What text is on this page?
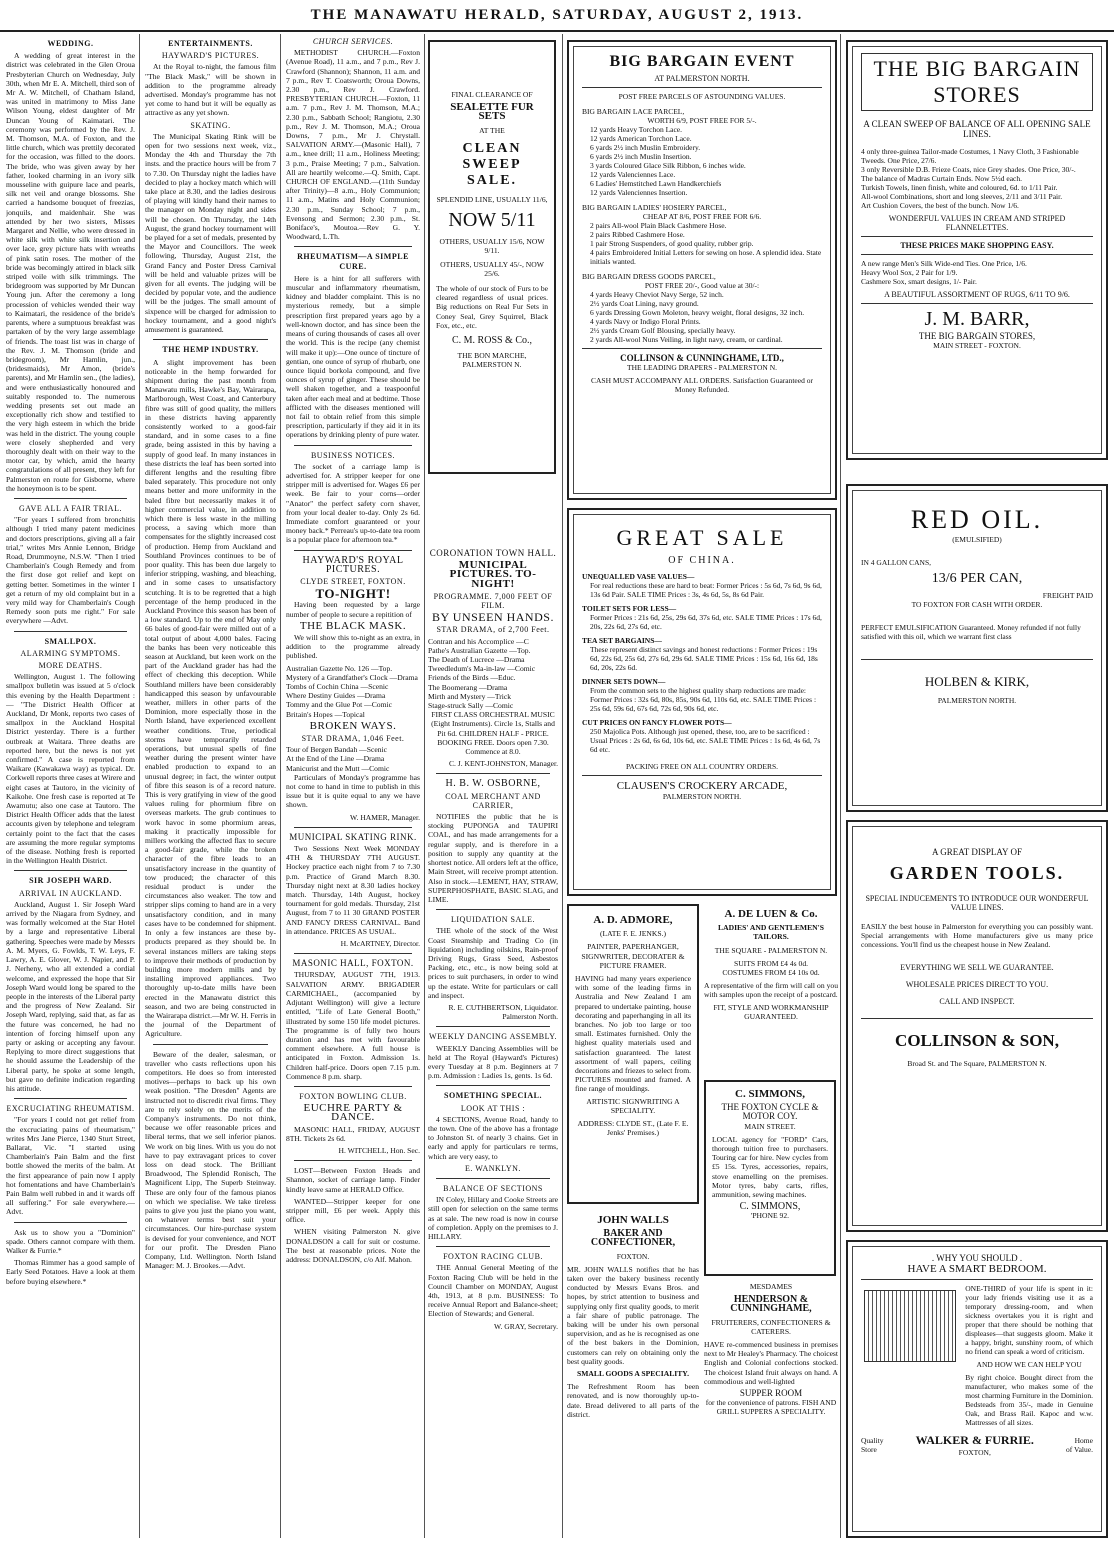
THE MANAWATU HERALD, SATURDAY, AUGUST 2, 1913.
WEDDING.

A wedding of great interest in the district was celebrated in the Glen Oroua Presbyterian Church on Wednesday, July 30th, when Mr E. A. Mitchell, third son of Mr A. W. Mitchell, of Chatham Island, was united in matrimony to Miss Jane Wilson Young, eldest daughter of Mr Duncan Young of Kaimatari. The ceremony was performed by the Rev. J. M. Thomson, M.A. of Foxton, and the little church, which was prettily decorated for the occasion, was filled to the doors. The bride, who was given away by her father, looked charming in an ivory silk mousseline with guipure lace and pearls, silk net veil and orange blossoms. She carried a handsome bouquet of freezias, jonquils, and maidenhair. She was attended by her two sisters, Misses Margaret and Nellie, who were dressed in white silk with white silk insertion and over lace, grey picture hats with wreaths of pink satin roses. The mother of the bride was becomingly attired in black silk striped voile with silk trimmings. The bridegroom was supported by Mr Duncan Young jun. After the ceremony a long procession of vehicles wended their way to Kaimatari, the residence of the bride's parents, where a sumptuous breakfast was partaken of by the very large assemblage of friends. The toast list was in charge of the Rev. J. M. Thomson (bride and bridegroom), Mr Hamlin, jun., (bridesmaids), Mr Amon, (bride's parents), and Mr Hamlin sen., (the ladies), and were enthusiastically honoured and suitably responded to. The numerous wedding presents set out made an exceptionally rich show and testified to the very high esteem in which the bride was held in the district. The young couple were closely shepherded and very thoroughly dealt with on their way to the motor car, by which, amid the hearty congratulations of all present, they left for Palmerston en route for Gisborne, where the honeymoon is to be spent.

GAVE ALL A FAIR TRIAL.

"For years I suffered from bronchitis although I tried many patent medicines and doctors prescriptions, giving all a fair trial," writes Mrs Annie Lennon, Bridge Road, Drummoyne, N.S.W. "Then I tried Chamberlain's Cough Remedy and from the first dose got relief and kept on getting better. Sometimes in the winter I get a return of my old complaint but in a very mild way for Chamberlain's Cough Remedy soon puts me right." For sale everywhere —Advt.

SMALLPOX.
ALARMING SYMPTOMS.
MORE DEATHS.

Wellington, August 1. The following smallpox bulletin was issued at 5 o'clock this evening by the Health Department :— "The District Health Officer at Auckland, Dr Monk, reports two cases of smallpox in the Auckland Hospital District yesterday. There is a further outbreak at Waitara. Three deaths are reported here, but the news is not yet confirmed." A case is reported from Waikare (Kawakawa way) as typical. Dr. Corkwell reports three cases at Wirere and eight cases at Tautoro, in the vicinity of Kaikohe. One fresh case is reported at Te Awamutu; also one case at Tautoro. The District Health Officer adds that the latest accounts given by telephone and telegram certainly point to the fact that the cases are assuming the more regular symptoms of the disease. Nothing fresh is reported in the Wellington Health District.

SIR JOSEPH WARD.
ARRIVAL IN AUCKLAND.

Auckland, August 1. Sir Joseph Ward arrived by the Niagara from Sydney, and was formally welcomed at the Star Hotel by a large and representative Liberal gathering. Speeches were made by Messrs A. M. Myers, G. Fowlds, T. W. Leys, F. Lawry, A. E. Glover, W. J. Napier, and P. J. Nerheny, who all extended a cordial welcome, and expressed the hope that Sir Joseph Ward would long be spared to the people in the interests of the Liberal party and the progress of New Zealand. Sir Joseph Ward, replying, said that, as far as the future was concerned, he had no intention of forcing himself upon any party or asking or accepting any favour. Replying to more direct suggestions that he should assume the Leadership of the Liberal party, he spoke at some length, but gave no definite indication regarding his attitude.

EXCRUCIATING RHEUMATISM.

"For years I could not get relief from the excruciating pains of rheumatism," writes Mrs Jane Pierce, 1340 Sturt Street, Ballarat, Vic. "I started using Chamberlain's Pain Balm and the first bottle showed the merits of the balm. At the first appearance of pain now I apply hot fomentations and have Chamberlain's Pain Balm well rubbed in and it wards off all suffering." For sale everywhere.—Advt.

Ask us to show you a "Dominion" spade. Others cannot compare with them. Walker & Furrie.*

Thomas Rimmer has a good sample of Early Seed Potatoes. Have a look at them before buying elsewhere.*

ENTERTAINMENTS.
HAYWARD'S PICTURES.

At the Royal to-night, the famous film "The Black Mask," will be shown in addition to the programme already advertised. Monday's programme has not yet come to hand but it will be equally as attractive as any yet shown.

SKATING.

The Municipal Skating Rink will be open for two sessions next week, viz., Monday the 4th and Thursday the 7th insts. and the practice hours will be from 7 to 7.30. On Thursday night the ladies have decided to play a hockey match which will take place at 8.30, and the ladies desirous of playing will kindly hand their names to the manager on Monday night and sides will be chosen. On Thursday, the 14th August, the grand hockey tournament will be played for a set of medals, presented by the Mayor and Councillors. The week following, Thursday, August 21st, the Grand Fancy and Poster Dress Carnival will be held and valuable prizes will be given for all events. The judging will be decided by popular vote, and the audience will be the judges. The small amount of sixpence will be charged for admission to hockey tournament, and a good night's amusement is guaranteed.

THE HEMP INDUSTRY.

A slight improvement has been noticeable in the hemp forwarded for shipment during the past month from Manawatu mills, Hawke's Bay, Wairarapa, Marlborough, West Coast, and Canterbury fibre was still of good quality, the millers in these districts having apparently consistently worked to a good-fair standard, and in some cases to a fine grade, being assisted in this by having a supply of good leaf. In many instances in these districts the leaf has been sorted into different lengths and the resulting fibre baled separately. This procedure not only means better and more uniformity in the baled fibre but necessarily makes it of higher commercial value, in addition to which there is less waste in the milling process, a saving which more than compensates for the slightly increased cost of production. Hemp from Auckland and Southland Provinces continues to be of poor quality. This has been due largely to inferior stripping, washing, and bleaching, and in some cases to unsatisfactory scutching. It is to be regretted that a high percentage of the hemp produced in the Auckland Province this season has been of a low standard. Up to the end of May only 66 bales of good-fair were milled out of a total output of about 4,000 bales. Facing the banks has been very noticeable this season at Auckland, but keen work on the part of the Auckland grader has had the effect of checking this deception. While Southland millers have been considerably handicapped this season by unfavourable weather, millers in other parts of the Dominion, more especially those in the North Island, have experienced excellent weather conditions. True, periodical storms have temporarily retarded operations, but unusual spells of fine weather during the present winter have enabled production to expand to an unusual degree; in fact, the winter output of fibre this season is of a record nature. This is very gratifying in view of the good values ruling for phormium fibre on overseas markets. The grub continues to work havoc in some phormium areas, making it practically impossible for millers working the affected flax to secure a good-fair grade, while the broken character of the fibre leads to an unsatisfactory increase in the quantity of tow produced; the character of this residual product is under the circumstances also weaker. The tow and stripper slips coming to hand are in a very unsatisfactory condition, and in many cases have to be condemned for shipment. In only a few instances are these by-products prepared as they should be. In several instances millers are taking steps to improve their methods of production by building more modern mills and by installing improved appliances. Two thoroughly up-to-date mills have been erected in the Manawatu district this season, and two are being constructed in the Wairarapa district.—Mr W. H. Ferris in the journal of the Department of Agriculture.

Beware of the dealer, salesman, or traveller who casts reflections upon his competitors. He does so from interested motives—perhaps to back up his own weak position. "The Dresden" Agents are instructed not to discredit rival firms. They are to rely solely on the merits of the Company's instruments. Do not think, because we offer reasonable prices and liberal terms, that we sell inferior pianos. We work on big lines. With us you do not have to pay extravagant prices to cover loss on dead stock. The Brilliant Broadwood, The Splendid Ronisch, The Magnificent Lipp, The Superb Steinway. These are only four of the famous pianos on which we specialise. We take tireless pains to give you just the piano you want, on whatever terms best suit your circumstances. Our hire-purchase system is devised for your convenience, and NOT for our profit. The Dresden Piano Company, Ltd. Wellington. North Island Manager: M. J. Brookes.—Advt.

CHURCH SERVICES.

METHODIST CHURCH.—Foxton (Avenue Road), 11 a.m., and 7 p.m., Rev J. Crawford (Shannon); Shannon, 11 a.m. and 7 p.m., Rev T. Coatsworth; Oroua Downs, 2.30 p.m., Rev J. Crawford. PRESBYTERIAN CHURCH.—Foxton, 11 a.m. 7 p.m., Rev J. M. Thomson, M.A.; 2.30 p.m., Sabbath School; Rangiotu, 2.30 p.m., Rev J. M. Thomson, M.A.; Oroua Downs, 7 p.m., Mr J. Chrystall. SALVATION ARMY.—(Masonic Hall), 7 a.m., knee drill; 11 a.m., Holiness Meeting; 3 p.m., Praise Meeting; 7 p.m., Salvation. All are heartily welcome.—Q. Smith, Capt. CHURCH OF ENGLAND.—(11th Sunday after Trinity)—8 a.m., Holy Communion; 11 a.m., Matins and Holy Communion; 2.30 p.m., Sunday School; 7 p.m., Evensong and Sermon; 2.30 p.m., St. Boniface's, Moutoa.—Rev G. Y. Woodward, L.Th.

RHEUMATISM—A SIMPLE CURE.

Here is a hint for all sufferers with muscular and inflammatory rheumatism, kidney and bladder complaint. This is no mysterious remedy, but a simple prescription first prepared years ago by a well-known doctor, and has since been the means of curing thousands of cases all over the world. This is the recipe (any chemist will make it up):—One ounce of tincture of gentian, one ounce of syrup of rhubarb, one ounce liquid borkola compound, and five ounces of syrup of ginger. These should be well shaken together, and a teaspoonful taken after each meal and at bedtime. Those afflicted with the diseases mentioned will not fail to obtain relief from this simple prescription, particularly if they aid it in its operations by drinking plenty of pure water.

BUSINESS NOTICES.

The socket of a carriage lamp is advertised for. A stripper keeper for one stripper mill is advertised for. Wages £6 per week. Be fair to your corns—order "Anator" the perfect safety corn shaver, from your local dealer to-day. Only 2s 6d. Immediate comfort guaranteed or your money back.* Perreau's up-to-date tea room is a popular place for afternoon tea.*

HAYWARD'S ROYAL PICTURES.
CLYDE STREET, FOXTON.
TO-NIGHT!

Having been requested by a large number of people to secure a repitition of

THE BLACK MASK.

We will show this to-night as an extra, in addition to the programme already published.

Australian Gazette No. 126 —Top.
Mystery of a Grandfather's Clock —Drama
Tombs of Cochin China —Scenic
Where Destiny Guides —Drama
Tommy and the Glue Pot —Comic
Britain's Hopes —Topical
BROKEN WAYS.
STAR DRAMA, 1,046 Feet.
Tour of Bergen Bandah —Scenic
At the End of the Line —Drama
Manicurist and the Mutt —Comic

Particulars of Monday's programme has not come to hand in time to publish in this issue but it is quite equal to any we have shown.

W. HAMER, Manager.
MUNICIPAL SKATING RINK.

Two Sessions Next Week MONDAY 4TH & THURSDAY 7TH AUGUST. Hockey practice each night from 7 to 7.30 p.m. Practice of Grand March 8.30. Thursday night next at 8.30 ladies hockey match. Thursday, 14th August, hockey tournament for gold medals. Thursday, 21st August, from 7 to 11 30 GRAND POSTER AND FANCY DRESS CARNIVAL. Band in attendance. PRICES AS USUAL.

H. McARTNEY, Director.
MASONIC HALL, FOXTON.

THURSDAY, AUGUST 7TH, 1913. SALVATION ARMY. BRIGADIER CARMICHAEL, (accompanied by Adjutant Wellington) will give a lecture entitled, "Life of Late General Booth," illustrated by some 150 life model pictures. The programme is of fully two hours duration and has met with favourable comment elsewhere. A full house is anticipated in Foxton. Admission 1s. Children half-price. Doors open 7.15 p.m. Commence 8 p.m. sharp.

FOXTON BOWLING CLUB.
EUCHRE PARTY & DANCE.

MASONIC HALL, FRIDAY, AUGUST 8TH. Tickets 2s 6d.

H. WITCHELL, Hon. Sec.

LOST—Between Foxton Heads and Shannon, socket of carriage lamp. Finder kindly leave same at HERALD Office.

WANTED—Stripper keeper for one stripper mill, £6 per week. Apply this office.

WHEN visiting Palmerston N. give DONALDSON a call for suit or costume. The best at reasonable prices. Note the address: DONALDSON, c/o Alf. Mahon.

FINAL CLEARANCE OF
SEALETTE FUR SETS
AT THE
CLEAN SWEEP SALE.
SPLENDID LINE, USUALLY 11/6,
NOW 5/11
OTHERS, USUALLY 15/6, NOW 9/11.
OTHERS, USUALLY 45/-, NOW 25/6.
The whole of our stock of Furs to be cleared regardless of usual prices. Big reductions on Real Fur Sets in Coney Seal, Grey Squirrel, Black Fox, etc., etc.
C. M. ROSS & Co.,
THE BON MARCHE, PALMERSTON N.
CORONATION TOWN HALL.
MUNICIPAL PICTURES. TO-NIGHT!
PROGRAMME. 7,000 FEET OF FILM.
BY UNSEEN HANDS.
STAR DRAMA, of 2,700 Feet.
Contran and his Accomplice —C
Pathe's Australian Gazette —Top.
The Death of Lucrece —Drama
Tweedledum's Ma-in-law —Comic
Friends of the Birds —Educ.
The Boomerang —Drama
Mirth and Mystery —Trick
Stage-struck Sally —Comic

FIRST CLASS ORCHESTRAL MUSIC (Eight Instruments). Circle 1s, Stalls and Pit 6d. CHILDREN HALF - PRICE. BOOKING FREE. Doors open 7.30. Commence at 8.0.

C. J. KENT-JOHNSTON, Manager.
H. B. W. OSBORNE,
COAL MERCHANT AND CARRIER,

NOTIFIES the public that he is stocking PUPONGA and TAUPIRI COAL, and has made arrangements for a regular supply, and is therefore in a position to supply any quantity at the shortest notice. All orders left at the office, Main Street, will receive prompt attention. Also in stock.—LEMENT, HAY, STRAW, SUPERPHOSPHATE, BASIC SLAG, and LIME.

LIQUIDATION SALE.

THE whole of the stock of the West Coast Steamship and Trading Co (in liquidation) including oilskins, Rain-proof Driving Rugs, Grass Seed, Asbestos Packing, etc., etc., is now being sold at prices to suit purchasers, in order to wind up the estate. Write for particulars or call and inspect.

R. E. CUTHBERTSON, Liquidator. Palmerston North.
WEEKLY DANCING ASSEMBLY.

WEEKLY Dancing Assemblies will be held at The Royal (Hayward's Pictures) every Tuesday at 8 p.m. Beginners at 7 p.m. Admission : Ladies 1s, gents. 1s 6d.

SOMETHING SPECIAL.
LOOK AT THIS :

4 SECTIONS, Avenue Road, handy to the town. One of the above has a frontage to Johnston St. of nearly 3 chains. Get in early and apply for particulars re terms, which are very easy, to

E. WANKLYN.
BALANCE OF SECTIONS

IN Coley, Hillary and Cooke Streets are still open for selection on the same terms as at sale. The new road is now in course of completion. Apply on the premises to J. HILLARY.

FOXTON RACING CLUB.

THE Annual General Meeting of the Foxton Racing Club will be held in the Council Chamber on MONDAY, August 4th, 1913, at 8 p.m. BUSINESS: To receive Annual Report and Balance-sheet; Election of Stewards; and General.

W. GRAY, Secretary.
BIG BARGAIN EVENT
AT PALMERSTON NORTH.
POST FREE PARCELS OF ASTOUNDING VALUES.
BIG BARGAIN LACE PARCEL,
WORTH 6/9, POST FREE FOR 5/-.
12 yards Heavy Torchon Lace.
12 yards American Torchon Lace.
6 yards 2½ inch Muslin Embroidery.
6 yards 2½ inch Muslin Insertion.
3 yards Coloured Glace Silk Ribbon, 6 inches wide.
12 yards Valenciennes Lace.
6 Ladies' Hemstitched Lawn Handkerchiefs
12 yards Valenciennes Insertion.
BIG BARGAIN LADIES' HOSIERY PARCEL,
CHEAP AT 8/6, POST FREE FOR 6/6.
2 pairs All-wool Plain Black Cashmere Hose.
2 pairs Ribbed Cashmere Hose.
1 pair Strong Suspenders, of good quality, rubber grip.
4 pairs Embroidered Initial Letters for sewing on hose. A splendid idea. State initials wanted.
BIG BARGAIN DRESS GOODS PARCEL,
POST FREE 20/-, Good value at 30/-:
4 yards Heavy Cheviot Navy Serge, 52 inch.
2½ yards Coat Lining, navy ground.
6 yards Dressing Gown Moleton, heavy weight, floral designs, 32 inch.
4 yards Navy or Indigo Floral Prints.
2½ yards Cream Golf Blousing, specially heavy.
2 yards All-wool Nuns Veiling, in light navy, cream, or cardinal.
COLLINSON & CUNNINGHAME, LTD.,
THE LEADING DRAPERS - PALMERSTON N.
CASH MUST ACCOMPANY ALL ORDERS. Satisfaction Guaranteed or Money Refunded.
GREAT SALE
OF CHINA.
UNEQUALLED VASE VALUES—
For real reductions these are hard to beat: Former Prices : 5s 6d, 7s 6d, 9s 6d, 13s 6d Pair. SALE TIME Prices : 3s, 4s 6d, 5s, 8s 6d Pair.
TOILET SETS FOR LESS—
Former Prices : 21s 6d, 25s, 29s 6d, 37s 6d, etc. SALE TIME Prices : 17s 6d, 20s, 22s 6d, 27s 6d, etc.
TEA SET BARGAINS—
These represent distinct savings and honest reductions : Former Prices : 19s 6d, 22s 6d, 25s 6d, 27s 6d, 29s 6d. SALE TIME Prices : 15s 6d, 16s 6d, 18s 6d, 20s, 22s 6d.
DINNER SETS DOWN—
From the common sets to the highest quality sharp reductions are made: Former Prices : 32s 6d, 80s, 85s, 90s 6d, 110s 6d, etc. SALE TIME Prices : 25s 6d, 59s 6d, 67s 6d, 72s 6d, 90s 6d, etc.
CUT PRICES ON FANCY FLOWER POTS—
250 Majolica Pots. Although just opened, these, too, are to be sacrificed : Usual Prices : 2s 6d, 6s 6d, 10s 6d, etc. SALE TIME Prices : 1s 6d, 4s 6d, 7s 6d etc.
PACKING FREE ON ALL COUNTRY ORDERS.
CLAUSEN'S CROCKERY ARCADE,
PALMERSTON NORTH.
A. D. ADMORE,
(LATE F. E. JENKS.)
PAINTER, PAPERHANGER, SIGNWRITER, DECORATER & PICTURE FRAMER.

HAVING had many years experience with some of the leading firms in Australia and New Zealand I am prepared to undertake painting, house decorating and paperhanging in all its branches. No job too large or too small. Estimates furnished. Only the highest quality materials used and satisfaction guaranteed. The latest assortment of wall papers, ceiling decorations and friezes to select from. PICTURES mounted and framed. A fine range of mouldings.

ARTISTIC SIGNWRITING A SPECIALITY.
ADDRESS: CLYDE ST., (Late F. E. Jenks' Premises.)
JOHN WALLS
BAKER AND CONFECTIONER,
FOXTON.

MR. JOHN WALLS notifies that he has taken over the bakery business recently conducted by Messrs Evans Bros. and hopes, by strict attention to business and supplying only first quality goods, to merit a fair share of public patronage. The baking will be under his own personal supervision, and as he is recognised as one of the best bakers in the Dominion, customers can rely on obtaining only the best quality goods.

SMALL GOODS A SPECIALITY.

The Refreshment Room has been renovated, and is now thoroughly up-to-date. Bread delivered to all parts of the district.

A. DE LUEN & Co.
LADIES' AND GENTLEMEN'S TAILORS.
THE SQUARE - PALMERSTON N.
SUITS FROM £4 4s 0d.
COSTUMES FROM £4 10s 0d.

A representative of the firm will call on you with samples upon the receipt of a postcard.

FIT, STYLE AND WORKMANSHIP GUARANTEED.
C. SIMMONS,
THE FOXTON CYCLE & MOTOR COY.
MAIN STREET.

LOCAL agency for "FORD" Cars, thorough tuition free to purchasers. Touring car for hire. New cycles from £5 15s. Tyres, accessories, repairs, stove enamelling on the premises. Motor tyres, baby carts, rifles, ammunition, sewing machines.

C. SIMMONS,
'PHONE 92.
MESDAMES
HENDERSON & CUNNINGHAME,
FRUITERERS, CONFECTIONERS & CATERERS.

HAVE re-commenced business in premises next to Mr Healey's Pharmacy. The choicest English and Colonial confections stocked. The choicest Island fruit always on hand. A commodious and well-lighted

SUPPER ROOM
for the convenience of patrons. FISH AND GRILL SUPPERS A SPECIALITY.
THE BIG BARGAIN STORES
A CLEAN SWEEP OF BALANCE OF ALL OPENING SALE LINES.
4 only three-guinea Tailor-made Costumes, 1 Navy Cloth, 3 Fashionable Tweeds. One Price, 27/6.
3 only Reversible D.B. Frieze Coats, nice Grey shades. One Price, 30/-.
The balance of Madras Curtain Ends. Now 5½d each.
Turkish Towels, linen finish, white and coloured, 6d. to 1/11 Pair.
All-wool Combinations, short and long sleeves, 2/11 and 3/11 Pair.
Art Cushion Covers, the best of the bunch. Now 1/6.
WONDERFUL VALUES IN CREAM AND STRIPED FLANNELETTES.
THESE PRICES MAKE SHOPPING EASY.
A new range Men's Silk Wide-end Ties. One Price, 1/6.
Heavy Wool Sox, 2 Pair for 1/9.
Cashmere Sox, smart designs, 1/- Pair.
A BEAUTIFUL ASSORTMENT OF RUGS, 6/11 TO 9/6.
J. M. BARR,
THE BIG BARGAIN STORES,
MAIN STREET - FOXTON.
RED OIL.
(EMULSIFIED)
IN 4 GALLON CANS,
13/6 PER CAN,
FREIGHT PAID
TO FOXTON FOR CASH WITH ORDER.
PERFECT EMULSIFICATION Guaranteed. Money refunded if not fully satisfied with this oil, which we warrant first class
HOLBEN & KIRK,
PALMERSTON NORTH.
A GREAT DISPLAY OF
GARDEN TOOLS.
SPECIAL INDUCEMENTS TO INTRODUCE OUR WONDERFUL VALUE LINES.
EASILY the best house in Palmerston for everything you can possibly want. Special arrangements with Home manufacturers give us many price concessions. You'll find us the cheapest house in New Zealand.
EVERYTHING WE SELL WE GUARANTEE.
WHOLESALE PRICES DIRECT TO YOU.
CALL AND INSPECT.
COLLINSON & SON,
Broad St. and The Square, PALMERSTON N.
. WHY YOU SHOULD .
HAVE A SMART BEDROOM.
ONE-THIRD of your life is spent in it: your lady friends visiting use it as a temporary dressing-room, and when sickness overtakes you it is right and proper that there should be nothing that displeases—that suggests gloom. Make it a happy, bright, sunshiny room, of which no friend can speak a word of criticism.
AND HOW WE CAN HELP YOU
By right choice. Bought direct from the manufacturer, who makes some of the most charming Furniture in the Dominion. Bedsteads from 35/-, made in Genuine Oak, and Brass Rail. Kapoc and w.w. Mattresses of all sizes.
Quality
Store
WALKER & FURRIE.
FOXTON,
Home
of Value.
